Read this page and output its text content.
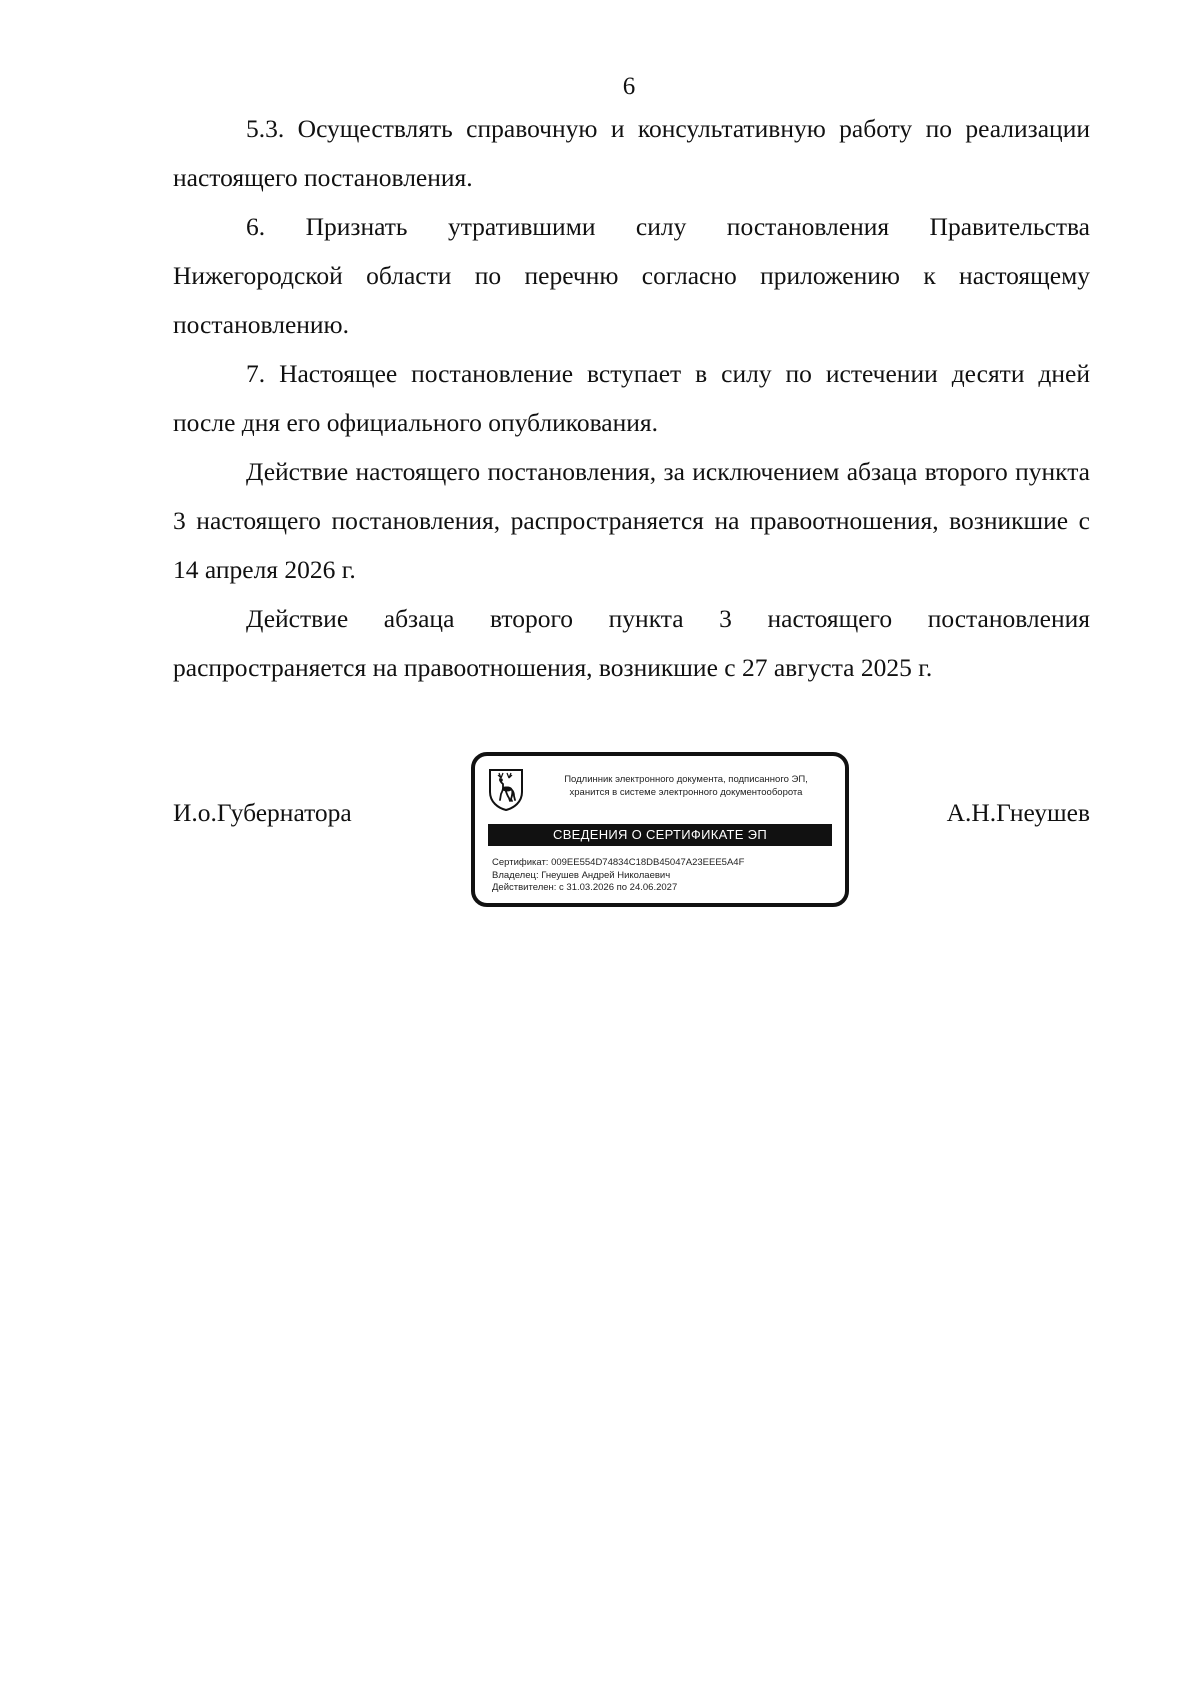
6

5.3. Осуществлять справочную и консультативную работу по реализации настоящего постановления.

6. Признать утратившими силу постановления Правительства Нижегородской области по перечню согласно приложению к настоящему постановлению.

7. Настоящее постановление вступает в силу по истечении десяти дней после дня его официального опубликования.

Действие настоящего постановления, за исключением абзаца второго пункта 3 настоящего постановления, распространяется на правоотношения, возникшие с 14 апреля 2026 г.

Действие абзаца второго пункта 3 настоящего постановления распространяется на правоотношения, возникшие с 27 августа 2025 г.

И.о.Губернатора
Подлинник электронного документа, подписанного ЭП,
хранится в системе электронного документооборота
СВЕДЕНИЯ О СЕРТИФИКАТЕ ЭП
Сертификат: 009EE554D74834C18DB45047A23EEE5A4F
Владелец: Гнеушев Андрей Николаевич
Действителен: с 31.03.2026 по 24.06.2027
А.Н.Гнеушев
